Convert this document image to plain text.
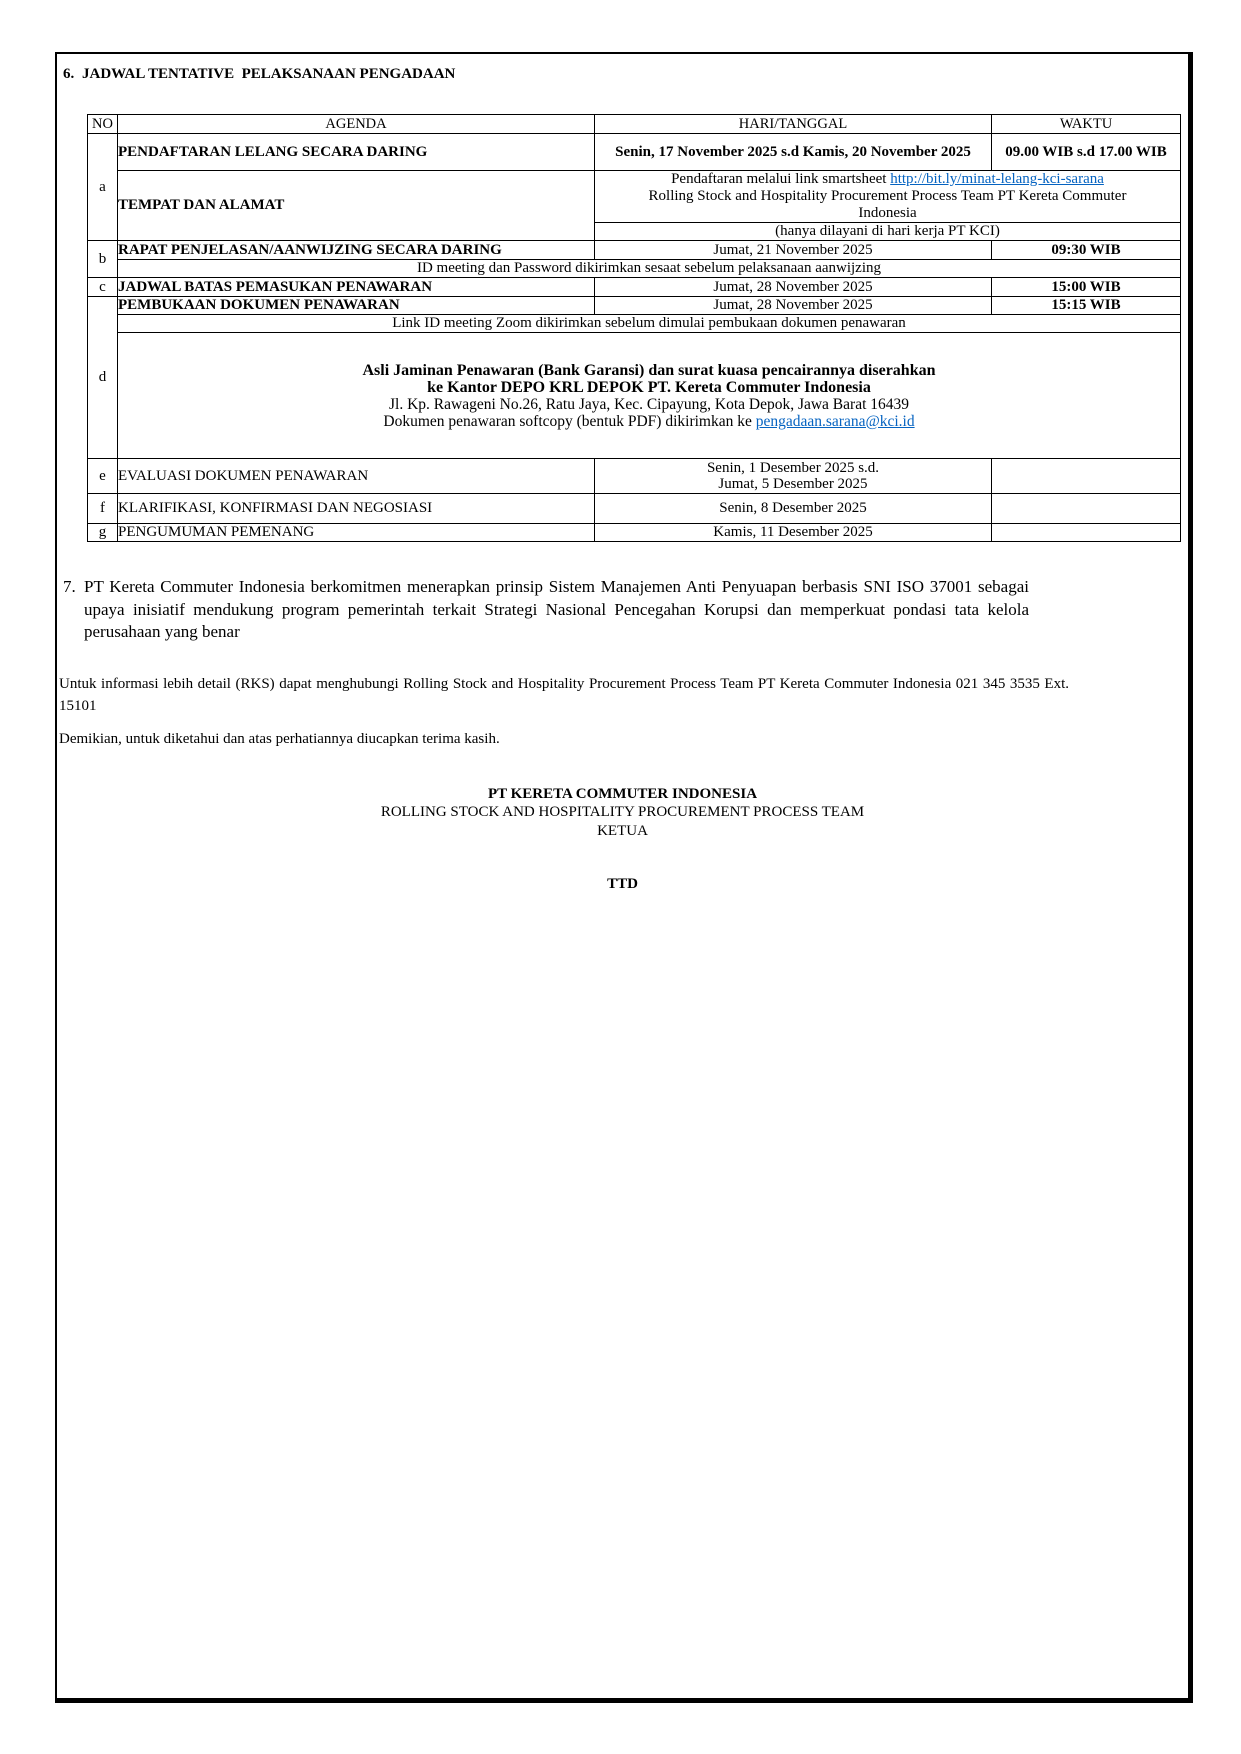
6. JADWAL TENTATIVE  PELAKSANAAN PENGADAAN
NO	AGENDA	HARI/TANGGAL	WAKTU
a	PENDAFTARAN LELANG SECARA DARING	Senin, 17 November 2025 s.d Kamis, 20 November 2025	09.00 WIB s.d 17.00 WIB
	TEMPAT DAN ALAMAT	Pendaftaran melalui link smartsheet http://bit.ly/minat-lelang-kci-sarana
Rolling Stock and Hospitality Procurement Process Team PT Kereta Commuter Indonesia	

		(hanya dilayani di hari kerja PT KCI)	
b	RAPAT PENJELASAN/AANWIJZING SECARA DARING	Jumat, 21 November 2025	09:30 WIB
	ID meeting dan Password dikirimkan sesaat sebelum pelaksanaan aanwijzing		
c	JADWAL BATAS PEMASUKAN PENAWARAN	Jumat, 28 November 2025	15:00 WIB
d	PEMBUKAAN DOKUMEN PENAWARAN	Jumat, 28 November 2025	15:15 WIB
	Link ID meeting Zoom dikirimkan sebelum dimulai pembukaan dokumen penawaran		

	Asli Jaminan Penawaran (Bank Garansi) dan surat kuasa pencairannya diserahkan
ke Kantor DEPO KRL DEPOK PT. Kereta Commuter Indonesia
Jl. Kp. Rawageni No.26, Ratu Jaya, Kec. Cipayung, Kota Depok, Jawa Barat 16439
Dokumen penawaran softcopy (bentuk PDF) dikirimkan ke pengadaan.sarana@kci.id		

e	EVALUASI DOKUMEN PENAWARAN	Senin, 1 Desember 2025 s.d.
Jumat, 5 Desember 2025	

f	KLARIFIKASI, KONFIRMASI DAN NEGOSIASI	Senin, 8 Desember 2025	
g	PENGUMUMAN PEMENANG	Kamis, 11 Desember 2025	
7. PT Kereta Commuter Indonesia berkomitmen menerapkan prinsip Sistem Manajemen Anti Penyuapan berbasis SNI ISO 37001 sebagai upaya inisiatif mendukung program pemerintah terkait Strategi Nasional Pencegahan Korupsi dan memperkuat pondasi tata kelola perusahaan yang benar
Untuk informasi lebih detail (RKS) dapat menghubungi Rolling Stock and Hospitality Procurement Process Team PT Kereta Commuter Indonesia 021 345 3535 Ext. 15101
Demikian, untuk diketahui dan atas perhatiannya diucapkan terima kasih.
PT KERETA COMMUTER INDONESIA
ROLLING STOCK AND HOSPITALITY PROCUREMENT PROCESS TEAM
KETUA
TTD
